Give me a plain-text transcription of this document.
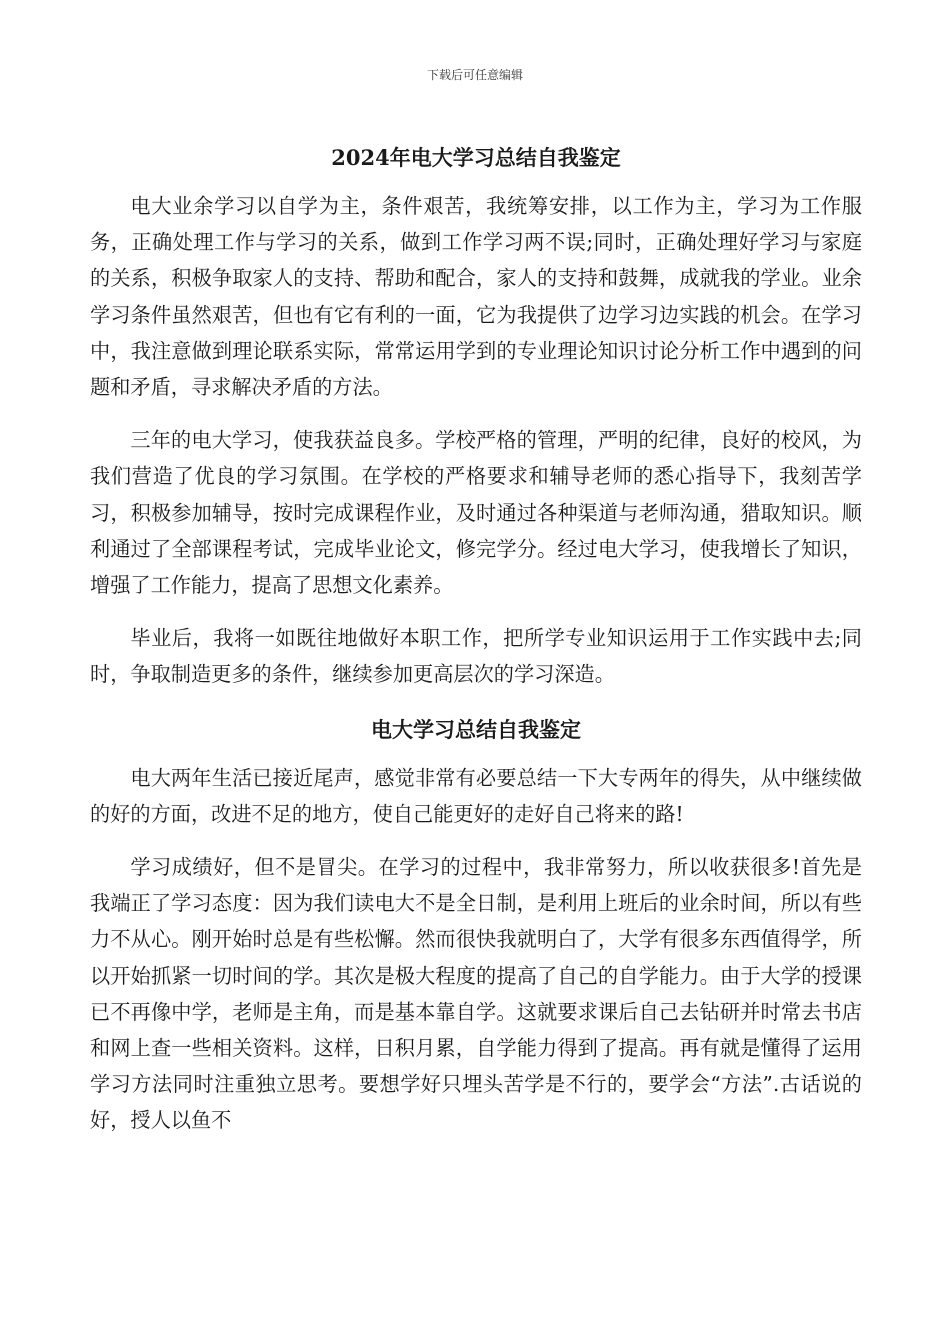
下载后可任意编辑
2024年电大学习总结自我鉴定

电大业余学习以自学为主，条件艰苦，我统筹安排，以工作为主，学习为工作服务，正确处理工作与学习的关系，做到工作学习两不误;同时，正确处理好学习与家庭的关系，积极争取家人的支持、帮助和配合，家人的支持和鼓舞，成就我的学业。业余学习条件虽然艰苦，但也有它有利的一面，它为我提供了边学习边实践的机会。在学习中，我注意做到理论联系实际，常常运用学到的专业理论知识讨论分析工作中遇到的问题和矛盾，寻求解决矛盾的方法。

三年的电大学习，使我获益良多。学校严格的管理，严明的纪律，良好的校风，为我们营造了优良的学习氛围。在学校的严格要求和辅导老师的悉心指导下，我刻苦学习，积极参加辅导，按时完成课程作业，及时通过各种渠道与老师沟通，猎取知识。顺利通过了全部课程考试，完成毕业论文，修完学分。经过电大学习，使我增长了知识，增强了工作能力，提高了思想文化素养。

毕业后，我将一如既往地做好本职工作，把所学专业知识运用于工作实践中去;同时，争取制造更多的条件，继续参加更高层次的学习深造。

电大学习总结自我鉴定

电大两年生活已接近尾声，感觉非常有必要总结一下大专两年的得失，从中继续做的好的方面，改进不足的地方，使自己能更好的走好自己将来的路!

学习成绩好，但不是冒尖。在学习的过程中，我非常努力，所以收获很多!首先是我端正了学习态度：因为我们读电大不是全日制，是利用上班后的业余时间，所以有些力不从心。刚开始时总是有些松懈。然而很快我就明白了，大学有很多东西值得学，所以开始抓紧一切时间的学。其次是极大程度的提高了自己的自学能力。由于大学的授课已不再像中学，老师是主角，而是基本靠自学。这就要求课后自己去钻研并时常去书店和网上查一些相关资料。这样，日积月累，自学能力得到了提高。再有就是懂得了运用学习方法同时注重独立思考。要想学好只埋头苦学是不行的，要学会“方法”.古话说的好，授人以鱼不
